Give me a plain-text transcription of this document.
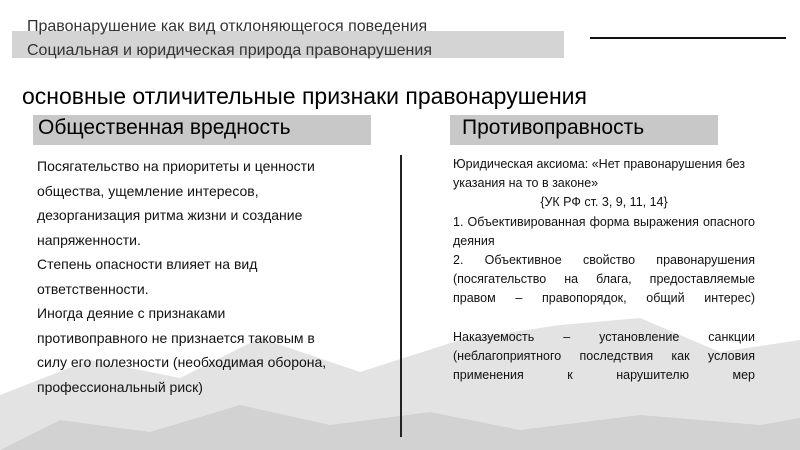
Правонарушение как вид отклоняющегося поведения
Социальная и юридическая природа правонарушения
основные отличительные признаки правонарушения
Общественная вредность	Противоправность

Посягательство на приоритеты и ценности общества, ущемление интересов, дезорганизация ритма жизни и создание напряженности.

Степень опасности влияет на вид ответственности.

Иногда деяние с признаками противоправного не признается таковым в силу его полезности (необходимая оборона, профессиональный риск)

Юридическая аксиома: «Нет правонарушения без указания на то в законе»

{УК РФ ст. 3, 9, 11, 14}

1. Объективированная форма выражения опасного деяния

2. Объективное свойство правонарушения (посягательство на блага, предоставляемые правом – правопорядок, общий интерес)

Наказуемость – установление санкции (неблагоприятного последствия как условия применения к нарушителю мер
